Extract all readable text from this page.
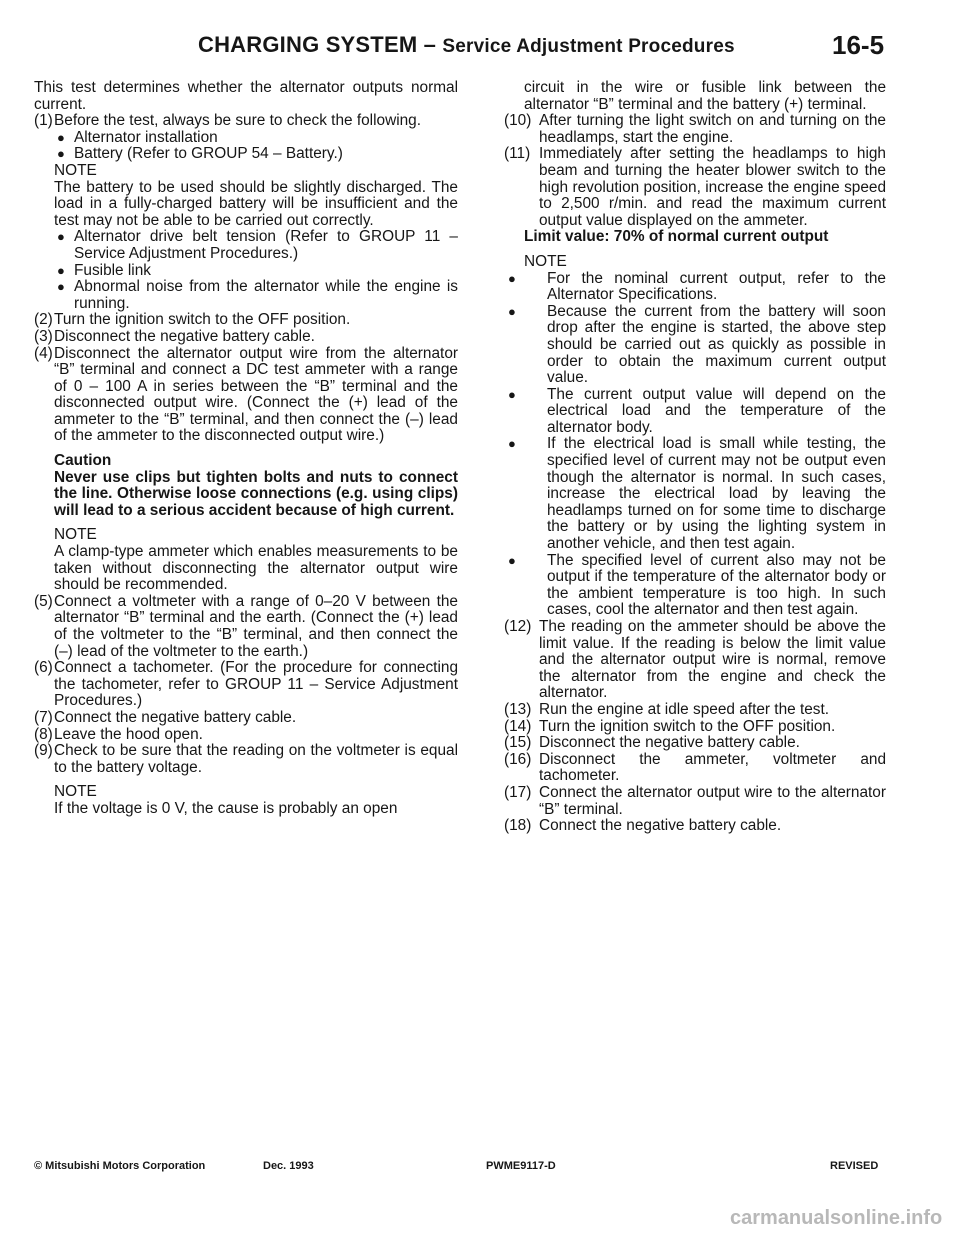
CHARGING SYSTEM – Service Adjustment Procedures	16-5

This test determines whether the alternator outputs normal current.

(1) Before the test, always be sure to check the following.

● Alternator installation

● Battery (Refer to GROUP 54 – Battery.)

NOTE

The battery to be used should be slightly discharged. The load in a fully-charged battery will be insufficient and the test may not be able to be carried out correctly.

● Alternator drive belt tension (Refer to GROUP 11 – Service Adjustment Procedures.)

● Fusible link

● Abnormal noise from the alternator while the engine is running.

(2) Turn the ignition switch to the OFF position.

(3) Disconnect the negative battery cable.

(4) Disconnect the alternator output wire from the alternator “B” terminal and connect a DC test ammeter with a range of 0 – 100 A in series between the “B” terminal and the disconnected output wire. (Connect the (+) lead of the ammeter to the “B” terminal, and then connect the (–) lead of the ammeter to the disconnected output wire.)

Caution
Never use clips but tighten bolts and nuts to connect the line. Otherwise loose connections (e.g. using clips) will lead to a serious accident because of high current.

NOTE

A clamp-type ammeter which enables measurements to be taken without disconnecting the alternator output wire should be recommended.

(5) Connect a voltmeter with a range of 0–20 V between the alternator “B” terminal and the earth. (Connect the (+) lead of the voltmeter to the “B” terminal, and then connect the (–) lead of the voltmeter to the earth.)

(6) Connect a tachometer. (For the procedure for connecting the tachometer, refer to GROUP 11 – Service Adjustment Procedures.)

(7) Connect the negative battery cable.

(8) Leave the hood open.

(9) Check to be sure that the reading on the voltmeter is equal to the battery voltage.

NOTE

If the voltage is 0 V, the cause is probably an open

circuit in the wire or fusible link between the alternator “B” terminal and the battery (+) terminal.

(10) After turning the light switch on and turning on the headlamps, start the engine.

(11) Immediately after setting the headlamps to high beam and turning the heater blower switch to the high revolution position, increase the engine speed to 2,500 r/min. and read the maximum current output value displayed on the ammeter.

Limit value: 70% of normal current output

NOTE

● For the nominal current output, refer to the Alternator Specifications.

● Because the current from the battery will soon drop after the engine is started, the above step should be carried out as quickly as possible in order to obtain the maximum current output value.

● The current output value will depend on the electrical load and the temperature of the alternator body.

● If the electrical load is small while testing, the specified level of current may not be output even though the alternator is normal. In such cases, increase the electrical load by leaving the headlamps turned on for some time to discharge the battery or by using the lighting system in another vehicle, and then test again.

● The specified level of current also may not be output if the temperature of the alternator body or the ambient temperature is too high. In such cases, cool the alternator and then test again.

(12) The reading on the ammeter should be above the limit value. If the reading is below the limit value and the alternator output wire is normal, remove the alternator from the engine and check the alternator.

(13) Run the engine at idle speed after the test.

(14) Turn the ignition switch to the OFF position.

(15) Disconnect the negative battery cable.

(16) Disconnect the ammeter, voltmeter and tachometer.

(17) Connect the alternator output wire to the alternator “B” terminal.

(18) Connect the negative battery cable.

© Mitsubishi Motors Corporation	Dec. 1993	PWME9117-D	REVISED
carmanualsonline.info
